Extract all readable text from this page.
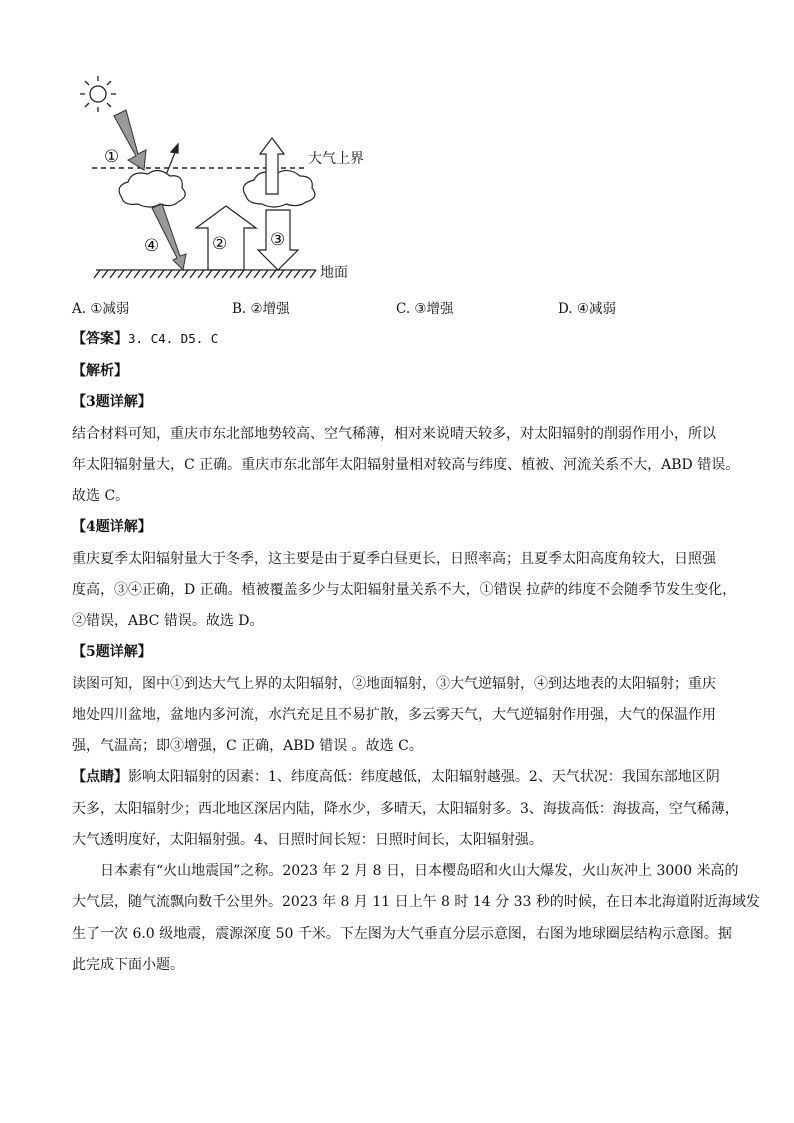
①
②	③
④
大气上界
地面
A. ①减弱	B. ②增强	C. ③增强	D. ④减弱
【答案】3. C4. D5. C
【解析】
【3题详解】
结合材料可知，重庆市东北部地势较高、空气稀薄，相对来说晴天较多，对太阳辐射的削弱作用小，所以
年太阳辐射量大，C 正确。重庆市东北部年太阳辐射量相对较高与纬度、植被、河流关系不大，ABD 错误。
故选 C。
【4题详解】
重庆夏季太阳辐射量大于冬季，这主要是由于夏季白昼更长，日照率高；且夏季太阳高度角较大，日照强
度高，③④正确，D 正确。植被覆盖多少与太阳辐射量关系不大，①错误 拉萨的纬度不会随季节发生变化，
②错误，ABC 错误。故选 D。
【5题详解】
读图可知，图中①到达大气上界的太阳辐射，②地面辐射，③大气逆辐射，④到达地表的太阳辐射；重庆
地处四川盆地，盆地内多河流，水汽充足且不易扩散，多云雾天气，大气逆辐射作用强，大气的保温作用
强，气温高；即③增强，C 正确，ABD 错误 。故选 C。
【点睛】影响太阳辐射的因素：1、纬度高低：纬度越低，太阳辐射越强。2、天气状况：我国东部地区阴
天多，太阳辐射少；西北地区深居内陆，降水少，多晴天，太阳辐射多。3、海拔高低：海拔高，空气稀薄，
大气透明度好，太阳辐射强。4、日照时间长短：日照时间长，太阳辐射强。
日本素有“火山地震国”之称。2023 年 2 月 8 日，日本樱岛昭和火山大爆发，火山灰冲上 3000 米高的
大气层，随气流飘向数千公里外。2023 年 8 月 11 日上午 8 时 14 分 33 秒的时候，在日本北海道附近海域发
生了一次 6.0 级地震，震源深度 50 千米。下左图为大气垂直分层示意图，右图为地球圈层结构示意图。据
此完成下面小题。
